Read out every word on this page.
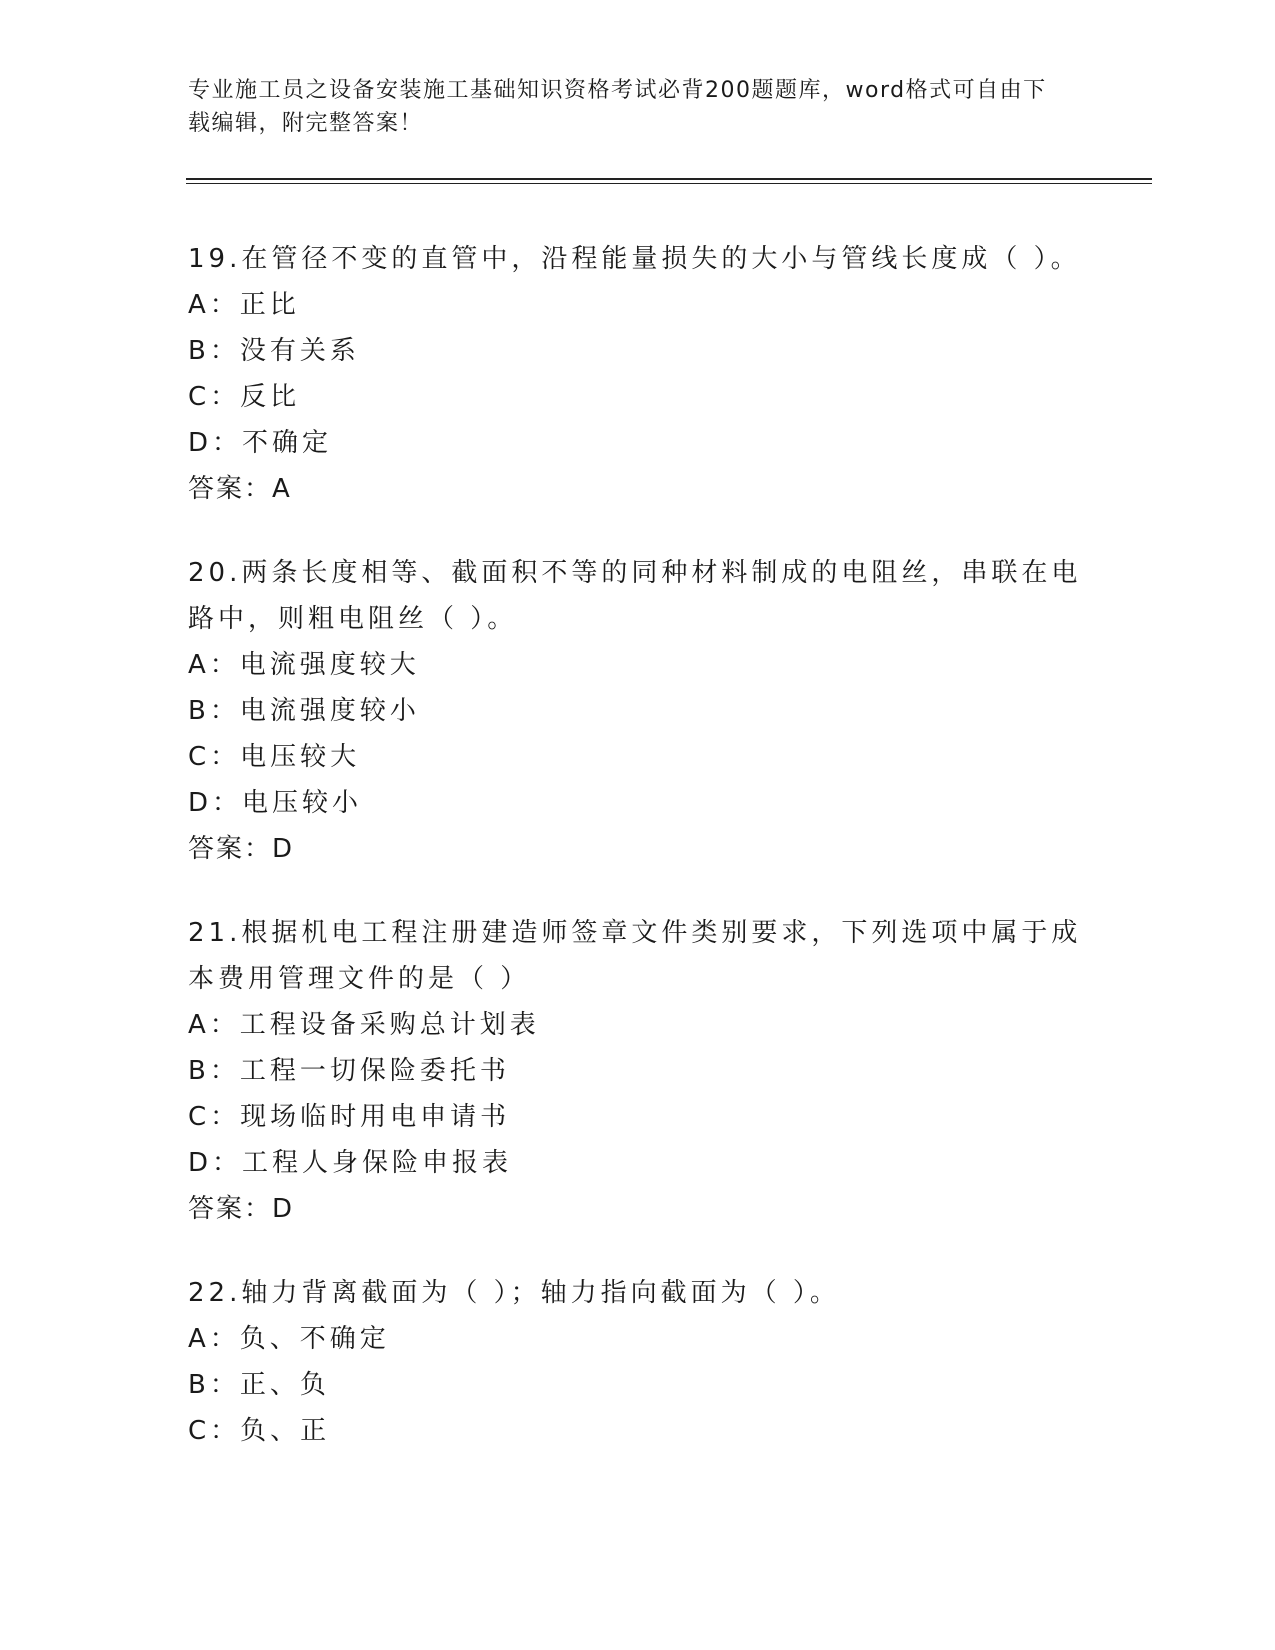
专业施工员之设备安装施工基础知识资格考试必背200题题库，word格式可自由下载编辑，附完整答案！

19.在管径不变的直管中，沿程能量损失的大小与管线长度成（ ）。

A：正比

B：没有关系

C：反比

D：不确定

答案：A

20.两条长度相等、截面积不等的同种材料制成的电阻丝，串联在电路中，则粗电阻丝（ ）。

A：电流强度较大

B：电流强度较小

C：电压较大

D：电压较小

答案：D

21.根据机电工程注册建造师签章文件类别要求，下列选项中属于成本费用管理文件的是（ ）

A：工程设备采购总计划表

B：工程一切保险委托书

C：现场临时用电申请书

D：工程人身保险申报表

答案：D

22.轴力背离截面为（ ）；轴力指向截面为（ ）。

A：负、不确定

B：正、负

C：负、正
